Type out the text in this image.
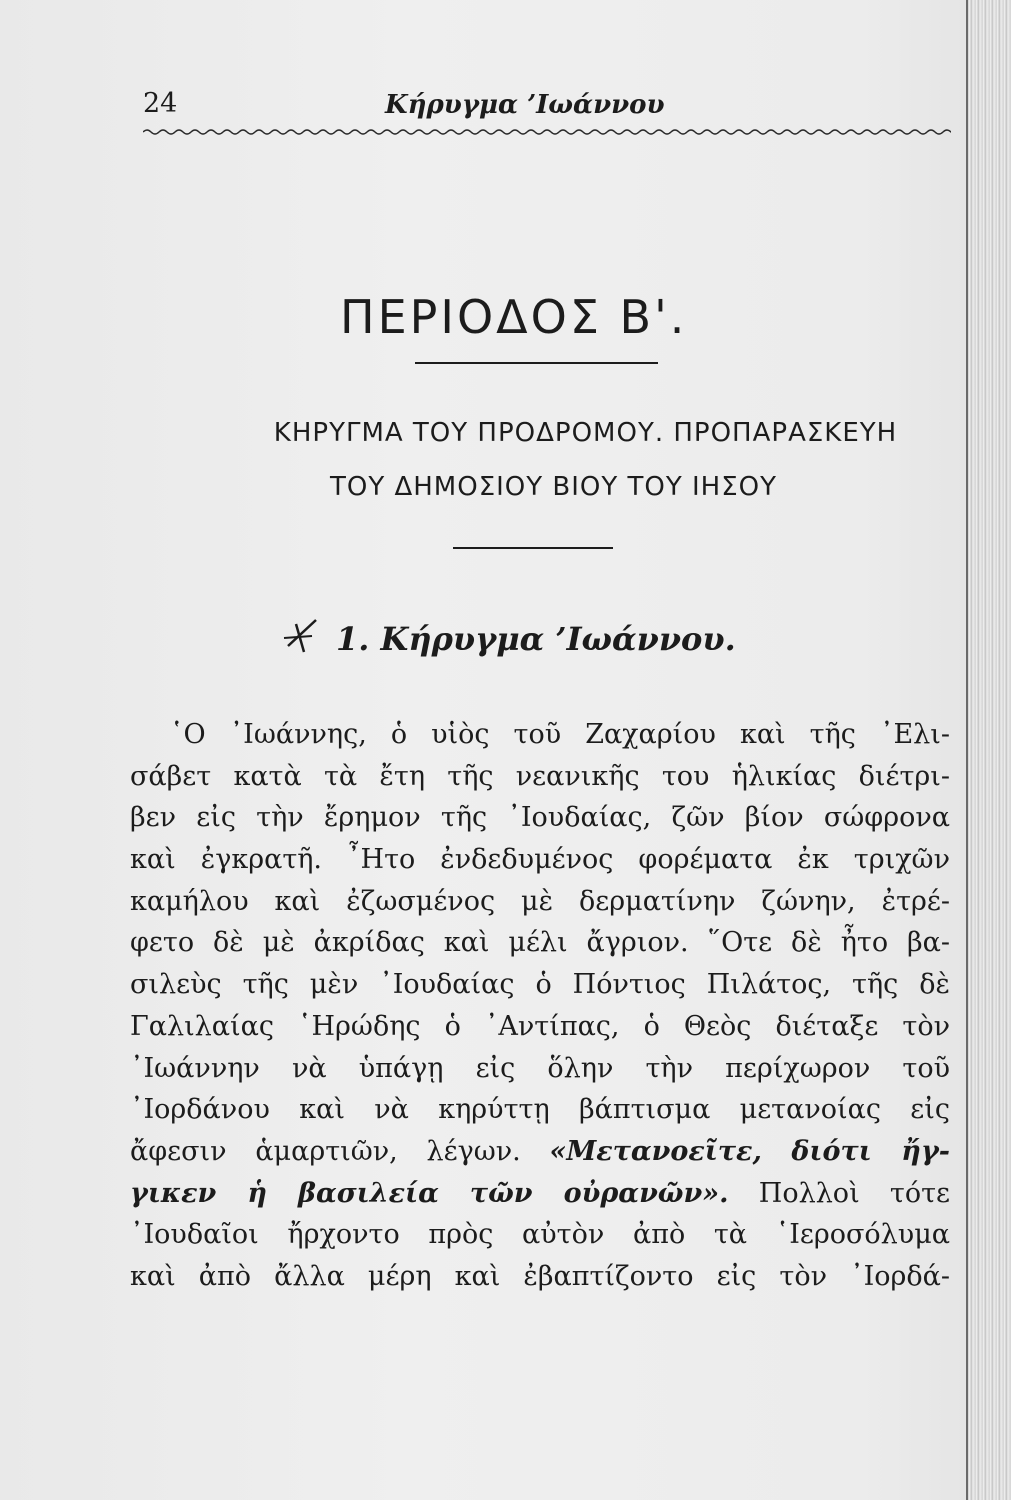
24	Κήρυγμα ’Ιωάννου
ΠΕΡΙΟΔΟΣ Β'.
ΚΗΡΥΓΜΑ ΤΟΥ ΠΡΟΔΡΟΜΟΥ. ΠΡΟΠΑΡΑΣΚΕΥΗ
ΤΟΥ ΔΗΜΟΣΙΟΥ ΒΙΟΥ ΤΟΥ ΙΗΣΟΥ
1. Κήρυγμα ’Ιωάννου.
῾Ο ᾿Ιωάννης, ὁ υἱὸς τοῦ Ζαχαρίου καὶ τῆς ᾿Ελι-
σάβετ κατὰ τὰ ἔτη τῆς νεανικῆς του ἡλικίας διέτρι-
βεν εἰς τὴν ἔρημον τῆς ᾿Ιουδαίας, ζῶν βίον σώφρονα
καὶ ἐγκρατῆ. ῏Ητο ἐνδεδυμένος φορέματα ἐκ τριχῶν
καμήλου καὶ ἐζωσμένος μὲ δερματίνην ζώνην, ἐτρέ-
φετο δὲ μὲ ἀκρίδας καὶ μέλι ἄγριον. ῞Οτε δὲ ἦτο βα-
σιλεὺς τῆς μὲν ᾿Ιουδαίας ὁ Πόντιος Πιλάτος, τῆς δὲ
Γαλιλαίας ῾Ηρώδης ὁ ᾿Αντίπας, ὁ Θεὸς διέταξε τὸν
᾿Ιωάννην νὰ ὑπάγῃ εἰς ὅλην τὴν περίχωρον τοῦ
᾿Ιορδάνου καὶ νὰ κηρύττῃ βάπτισμα μετανοίας εἰς
ἄφεσιν ἁμαρτιῶν, λέγων. «Μετανοεῖτε, διότι ἤγ-
γικεν ἡ βασιλεία τῶν οὐρανῶν». Πολλοὶ τότε
᾿Ιουδαῖοι ἤρχοντο πρὸς αὐτὸν ἀπὸ τὰ ῾Ιεροσόλυμα
καὶ ἀπὸ ἄλλα μέρη καὶ ἐβαπτίζοντο εἰς τὸν ᾿Ιορδά-
